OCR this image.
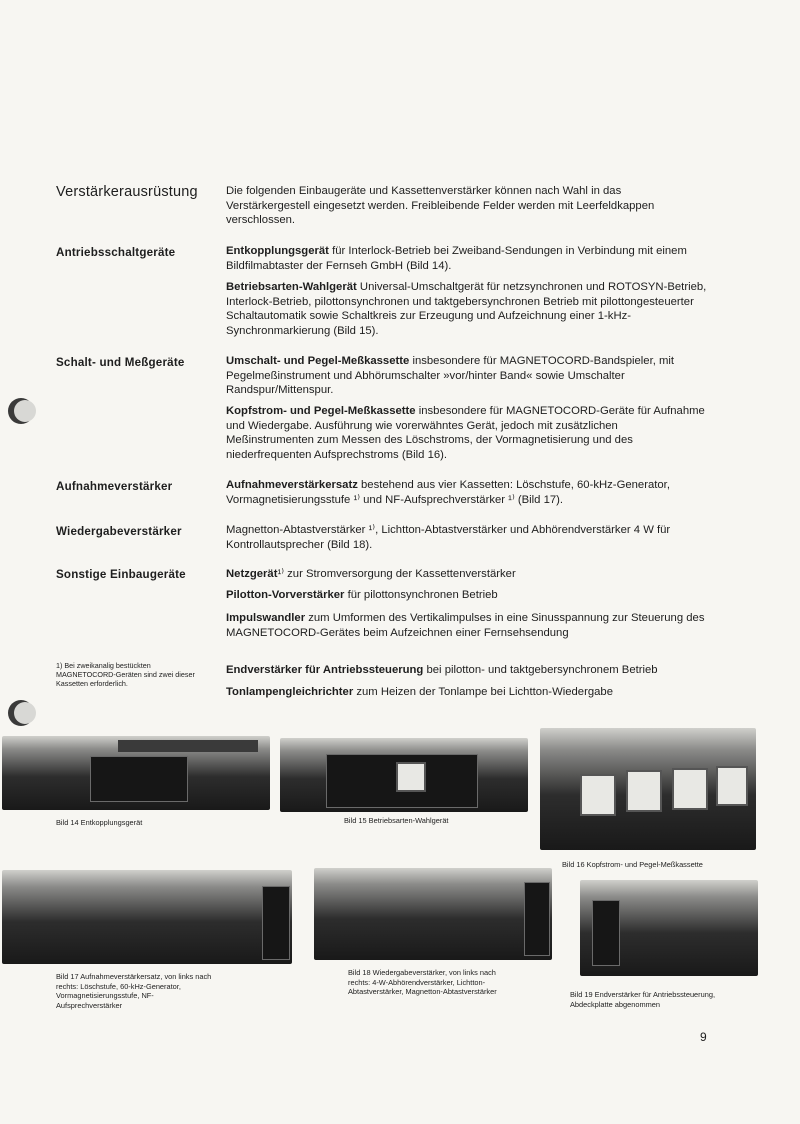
Verstärkerausrüstung
Antriebsschaltgeräte
Schalt- und Meßgeräte
Aufnahmeverstärker
Wiedergabeverstärker
Sonstige Einbaugeräte

Die folgenden Einbaugeräte und Kassettenverstärker können nach Wahl in das Verstärkergestell eingesetzt werden. Freibleibende Felder werden mit Leerfeldkappen verschlossen.

Entkopplungsgerät für Interlock-Betrieb bei Zweiband-Sendungen in Verbindung mit einem Bildfilmabtaster der Fernseh GmbH (Bild 14).

Betriebsarten-Wahlgerät Universal-Umschaltgerät für netzsynchronen und ROTOSYN-Betrieb, Interlock-Betrieb, pilottonsynchronen und taktgebersynchronen Betrieb mit pilottongesteuerter Schaltautomatik sowie Schaltkreis zur Erzeugung und Aufzeichnung einer 1-kHz-Synchronmarkierung (Bild 15).

Umschalt- und Pegel-Meßkassette insbesondere für MAGNETOCORD-Bandspieler, mit Pegelmeßinstrument und Abhörumschalter »vor/hinter Band« sowie Umschalter Randspur/Mittenspur.

Kopfstrom- und Pegel-Meßkassette insbesondere für MAGNETOCORD-Geräte für Aufnahme und Wiedergabe. Ausführung wie vorerwähntes Gerät, jedoch mit zusätzlichen Meßinstrumenten zum Messen des Löschstroms, der Vormagnetisierung und des niederfrequenten Aufsprechstroms (Bild 16).

Aufnahmeverstärkersatz bestehend aus vier Kassetten: Löschstufe, 60-kHz-Generator, Vormagnetisierungsstufe ¹⁾ und NF-Aufsprechverstärker ¹⁾ (Bild 17).

Magnetton-Abtastverstärker ¹⁾, Lichtton-Abtastverstärker und Abhörendverstärker 4 W für Kontrollautsprecher (Bild 18).

Netzgerät¹⁾ zur Stromversorgung der Kassettenverstärker

Pilotton-Vorverstärker für pilottonsynchronen Betrieb

Impulswandler zum Umformen des Vertikalimpulses in eine Sinusspannung zur Steuerung des MAGNETOCORD-Gerätes beim Aufzeichnen einer Fernsehsendung

Endverstärker für Antriebssteuerung bei pilotton- und taktgebersynchronem Betrieb

Tonlampengleichrichter zum Heizen der Tonlampe bei Lichtton-Wiedergabe

1) Bei zweikanalig bestückten MAGNETOCORD-Geräten sind zwei dieser Kassetten erforderlich.
Bild 14 Entkopplungsgerät	Bild 15 Betriebsarten-Wahlgerät
Bild 16 Kopfstrom- und Pegel-Meßkassette
Bild 17 Aufnahmeverstärkersatz, von links nach rechts: Löschstufe, 60-kHz-Generator, Vormagnetisierungsstufe, NF-Aufsprechverstärker
Bild 18 Wiedergabeverstärker, von links nach rechts: 4-W-Abhörendverstärker, Lichtton-Abtastverstärker, Magnetton-Abtastverstärker	Bild 19 Endverstärker für Antriebssteuerung, Abdeckplatte abgenommen
9
